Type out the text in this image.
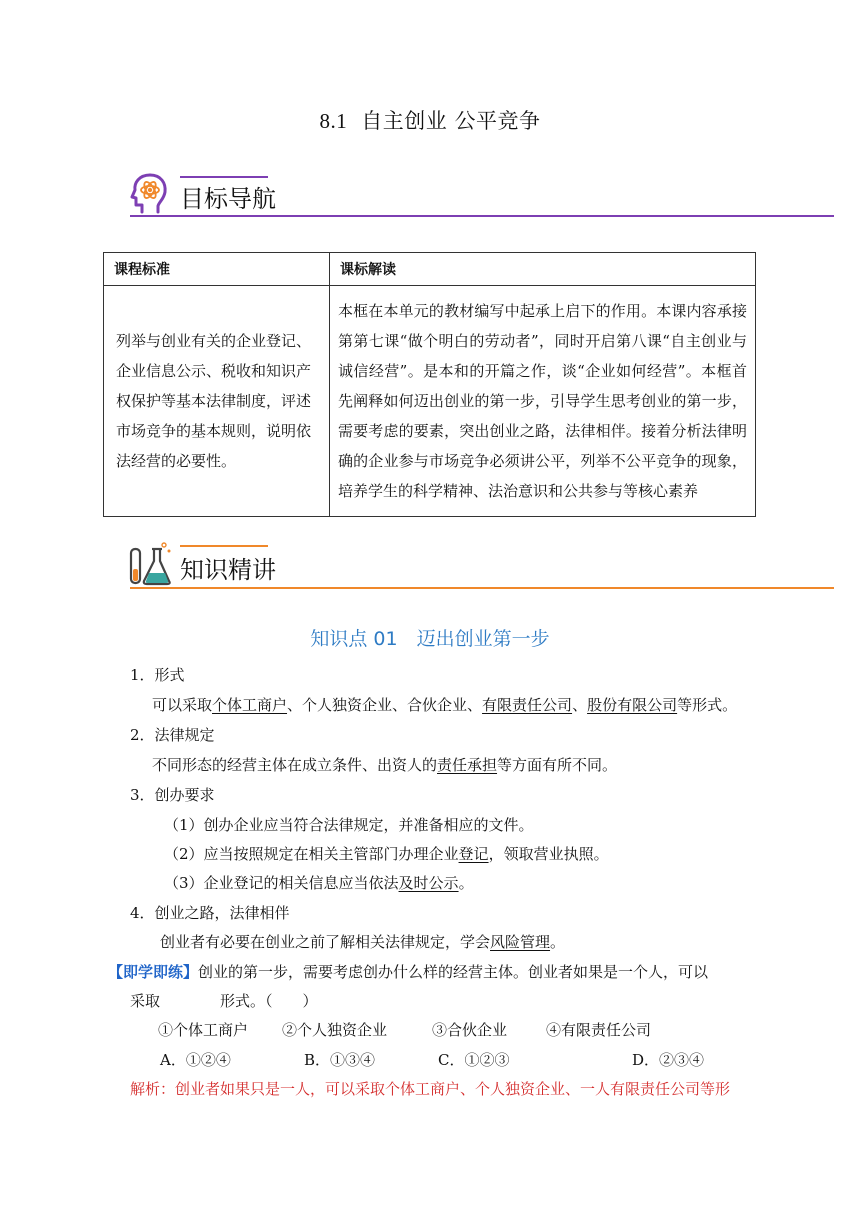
8.1 自主创业 公平竞争
目标导航
课程标准	课标解读
列举与创业有关的企业登记、企业信息公示、税收和知识产权保护等基本法律制度，评述市场竞争的基本规则，说明依法经营的必要性。	本框在本单元的教材编写中起承上启下的作用。本课内容承接第第七课“做个明白的劳动者”，同时开启第八课“自主创业与诚信经营”。是本和的开篇之作，谈“企业如何经营”。本框首先阐释如何迈出创业的第一步，引导学生思考创业的第一步，需要考虑的要素，突出创业之路，法律相伴。接着分析法律明确的企业参与市场竞争必须讲公平，列举不公平竞争的现象，培养学生的科学精神、法治意识和公共参与等核心素养
知识精讲
知识点 01　迈出创业第一步
1．形式
可以采取个体工商户、个人独资企业、合伙企业、有限责任公司、股份有限公司等形式。
2．法律规定
不同形态的经营主体在成立条件、出资人的责任承担等方面有所不同。
3．创办要求
（1）创办企业应当符合法律规定，并准备相应的文件。
（2）应当按照规定在相关主管部门办理企业登记，领取营业执照。
（3）企业登记的相关信息应当依法及时公示。
4．创业之路，法律相伴
创业者有必要在创业之前了解相关法律规定，学会风险管理。
【即学即练】创业的第一步，需要考虑创办什么样的经营主体。创业者如果是一个人，可以
采取　　　　形式。（　　）
①个体工商户 ②个人独资企业	③合伙企业	④有限责任公司
A．①②④	B．①③④	C．①②③	D．②③④
解析：创业者如果只是一人，可以采取个体工商户、个人独资企业、一人有限责任公司等形
